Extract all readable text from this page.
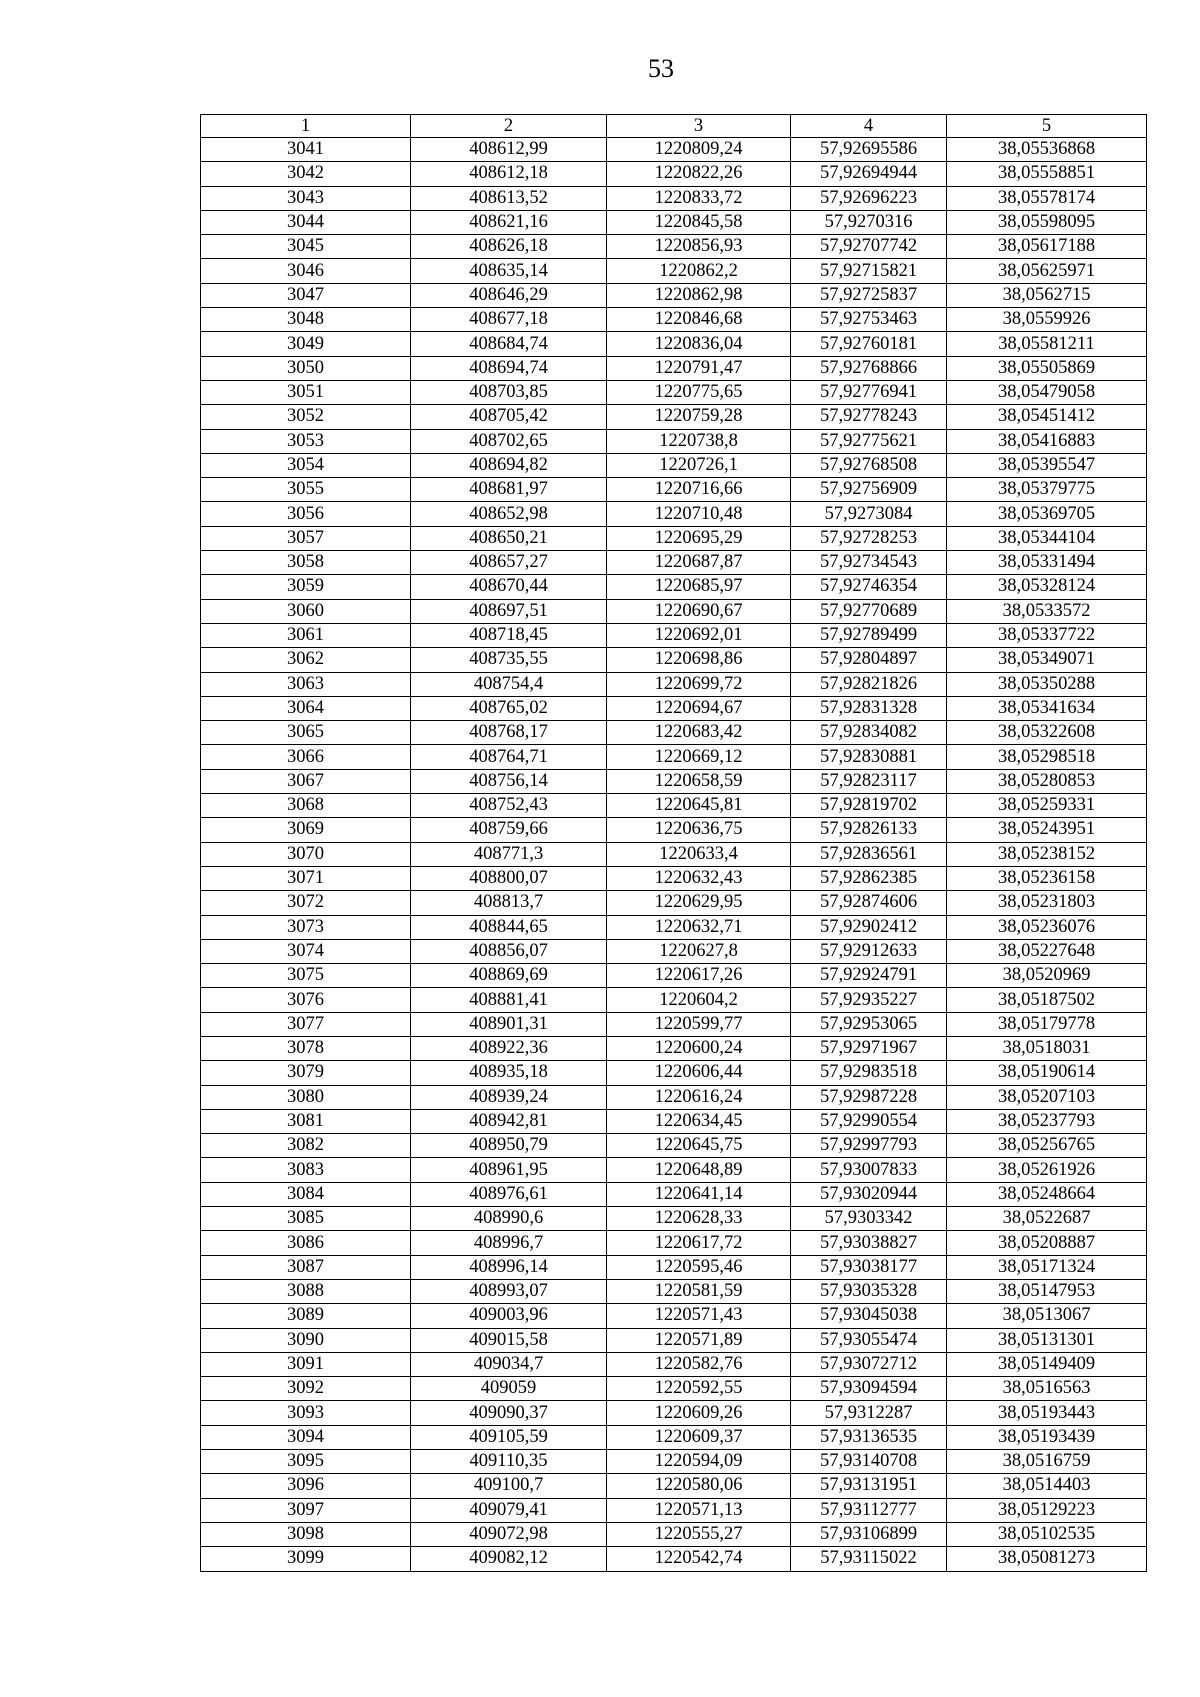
53
1	2	3	4	5
3041	408612,99	1220809,24	57,92695586	38,05536868
3042	408612,18	1220822,26	57,92694944	38,05558851
3043	408613,52	1220833,72	57,92696223	38,05578174
3044	408621,16	1220845,58	57,9270316	38,05598095
3045	408626,18	1220856,93	57,92707742	38,05617188
3046	408635,14	1220862,2	57,92715821	38,05625971
3047	408646,29	1220862,98	57,92725837	38,0562715
3048	408677,18	1220846,68	57,92753463	38,0559926
3049	408684,74	1220836,04	57,92760181	38,05581211
3050	408694,74	1220791,47	57,92768866	38,05505869
3051	408703,85	1220775,65	57,92776941	38,05479058
3052	408705,42	1220759,28	57,92778243	38,05451412
3053	408702,65	1220738,8	57,92775621	38,05416883
3054	408694,82	1220726,1	57,92768508	38,05395547
3055	408681,97	1220716,66	57,92756909	38,05379775
3056	408652,98	1220710,48	57,9273084	38,05369705
3057	408650,21	1220695,29	57,92728253	38,05344104
3058	408657,27	1220687,87	57,92734543	38,05331494
3059	408670,44	1220685,97	57,92746354	38,05328124
3060	408697,51	1220690,67	57,92770689	38,0533572
3061	408718,45	1220692,01	57,92789499	38,05337722
3062	408735,55	1220698,86	57,92804897	38,05349071
3063	408754,4	1220699,72	57,92821826	38,05350288
3064	408765,02	1220694,67	57,92831328	38,05341634
3065	408768,17	1220683,42	57,92834082	38,05322608
3066	408764,71	1220669,12	57,92830881	38,05298518
3067	408756,14	1220658,59	57,92823117	38,05280853
3068	408752,43	1220645,81	57,92819702	38,05259331
3069	408759,66	1220636,75	57,92826133	38,05243951
3070	408771,3	1220633,4	57,92836561	38,05238152
3071	408800,07	1220632,43	57,92862385	38,05236158
3072	408813,7	1220629,95	57,92874606	38,05231803
3073	408844,65	1220632,71	57,92902412	38,05236076
3074	408856,07	1220627,8	57,92912633	38,05227648
3075	408869,69	1220617,26	57,92924791	38,0520969
3076	408881,41	1220604,2	57,92935227	38,05187502
3077	408901,31	1220599,77	57,92953065	38,05179778
3078	408922,36	1220600,24	57,92971967	38,0518031
3079	408935,18	1220606,44	57,92983518	38,05190614
3080	408939,24	1220616,24	57,92987228	38,05207103
3081	408942,81	1220634,45	57,92990554	38,05237793
3082	408950,79	1220645,75	57,92997793	38,05256765
3083	408961,95	1220648,89	57,93007833	38,05261926
3084	408976,61	1220641,14	57,93020944	38,05248664
3085	408990,6	1220628,33	57,9303342	38,0522687
3086	408996,7	1220617,72	57,93038827	38,05208887
3087	408996,14	1220595,46	57,93038177	38,05171324
3088	408993,07	1220581,59	57,93035328	38,05147953
3089	409003,96	1220571,43	57,93045038	38,0513067
3090	409015,58	1220571,89	57,93055474	38,05131301
3091	409034,7	1220582,76	57,93072712	38,05149409
3092	409059	1220592,55	57,93094594	38,0516563
3093	409090,37	1220609,26	57,9312287	38,05193443
3094	409105,59	1220609,37	57,93136535	38,05193439
3095	409110,35	1220594,09	57,93140708	38,0516759
3096	409100,7	1220580,06	57,93131951	38,0514403
3097	409079,41	1220571,13	57,93112777	38,05129223
3098	409072,98	1220555,27	57,93106899	38,05102535
3099	409082,12	1220542,74	57,93115022	38,05081273
